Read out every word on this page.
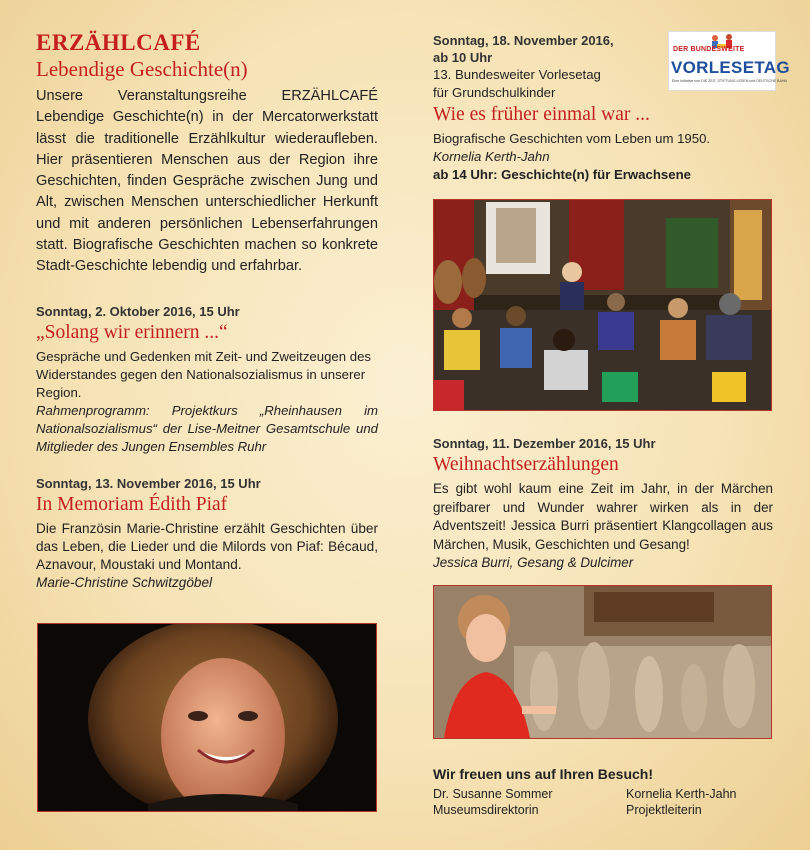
ERZÄHLCAFÉ
Lebendige Geschichte(n)

Unsere Veranstaltungsreihe ERZÄHLCAFÉ Lebendige Geschichte(n) in der Mercatorwerkstatt lässt die traditionelle Erzählkultur wiederaufleben. Hier präsentieren Menschen aus der Region ihre Geschichten, finden Gespräche zwischen Jung und Alt, zwischen Menschen unterschiedlicher Herkunft und mit anderen persönlichen Lebenserfahrungen statt. Biografische Geschichten machen so konkrete Stadt-Geschichte lebendig und erfahrbar.

Sonntag, 2. Oktober 2016, 15 Uhr
„Solang wir erinnern ...“

Gespräche und Gedenken mit Zeit- und Zweitzeugen des Widerstandes gegen den Nationalsozialismus in unserer Region.

Rahmenprogramm: Projektkurs „Rheinhausen im Nationalsozialismus“ der Lise-Meitner Gesamtschule und Mitglieder des Jungen Ensembles Ruhr

Sonntag, 13. November 2016, 15 Uhr
In Memoriam Édith Piaf

Die Französin Marie-Christine erzählt Geschichten über das Leben, die Lieder und die Milords von Piaf: Bécaud, Aznavour, Moustaki und Montand.

Marie-Christine Schwitzgöbel

Sonntag, 18. November 2016,
ab 10 Uhr
13. Bundesweiter Vorlesetag
für Grundschulkinder
Wie es früher einmal war ...

Biografische Geschichten vom Leben um 1950.

Kornelia Kerth-Jahn

ab 14 Uhr: Geschichte(n) für Erwachsene

DER BUNDESWEITE
VORLESETAG
Eine Initiative von DIE ZEIT, STIFTUNG LESEN und DEUTSCHE BAHN
Sonntag, 11. Dezember 2016, 15 Uhr
Weihnachtserzählungen

Es gibt wohl kaum eine Zeit im Jahr, in der Märchen greifbarer und Wunder wahrer wirken als in der Adventszeit! Jessica Burri präsentiert Klangcollagen aus Märchen, Musik, Geschichten und Gesang!

Jessica Burri, Gesang & Dulcimer

Wir freuen uns auf Ihren Besuch!
Dr. Susanne Sommer
Museumsdirektorin
Kornelia Kerth-Jahn
Projektleiterin
